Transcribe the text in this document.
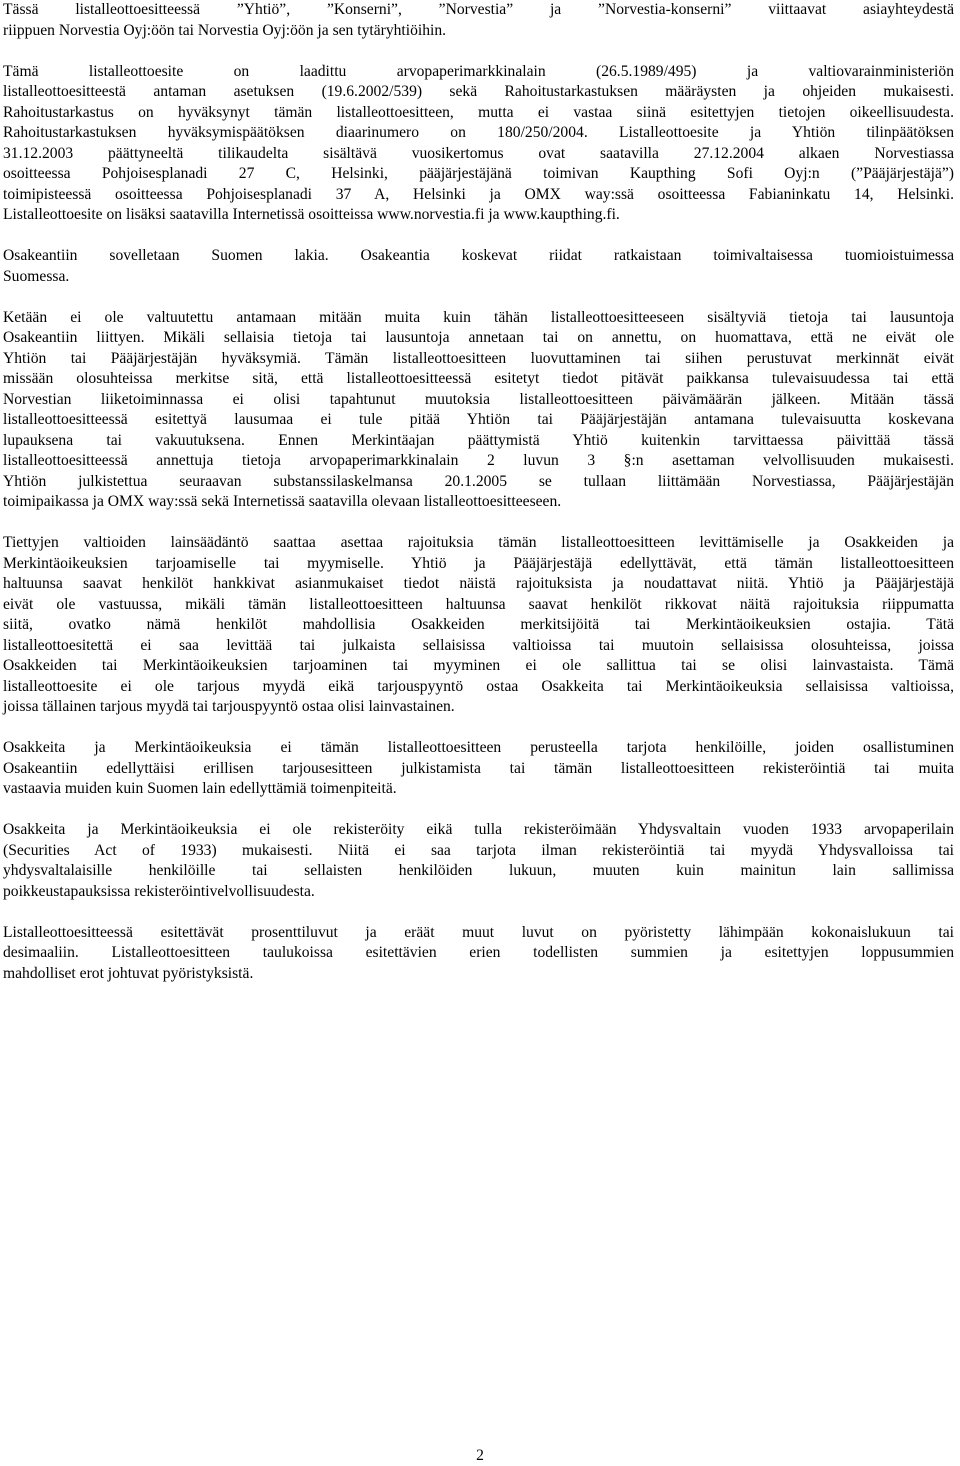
Tässä listalleottoesitteessä ”Yhtiö”, ”Konserni”, ”Norvestia” ja ”Norvestia-konserni” viittaavat asiayhteydestä
riippuen Norvestia Oyj:öön tai Norvestia Oyj:öön ja sen tytäryhtiöihin.
Tämä listalleottoesite on laadittu arvopaperimarkkinalain (26.5.1989/495) ja valtiovarainministeriön
listalleottoesitteestä antaman asetuksen (19.6.2002/539) sekä Rahoitustarkastuksen määräysten ja ohjeiden mukaisesti.
Rahoitustarkastus on hyväksynyt tämän listalleottoesitteen, mutta ei vastaa siinä esitettyjen tietojen oikeellisuudesta.
Rahoitustarkastuksen hyväksymispäätöksen diaarinumero on 180/250/2004. Listalleottoesite ja Yhtiön tilinpäätöksen
31.12.2003 päättyneeltä tilikaudelta sisältävä vuosikertomus ovat saatavilla 27.12.2004 alkaen Norvestiassa
osoitteessa Pohjoisesplanadi 27 C, Helsinki, pääjärjestäjänä toimivan Kaupthing Sofi Oyj:n (”Pääjärjestäjä”)
toimipisteessä osoitteessa Pohjoisesplanadi 37 A, Helsinki ja OMX way:ssä osoitteessa Fabianinkatu 14, Helsinki.
Listalleottoesite on lisäksi saatavilla Internetissä osoitteissa www.norvestia.fi ja www.kaupthing.fi.
Osakeantiin sovelletaan Suomen lakia. Osakeantia koskevat riidat ratkaistaan toimivaltaisessa tuomioistuimessa
Suomessa.
Ketään ei ole valtuutettu antamaan mitään muita kuin tähän listalleottoesitteeseen sisältyviä tietoja tai lausuntoja
Osakeantiin liittyen. Mikäli sellaisia tietoja tai lausuntoja annetaan tai on annettu, on huomattava, että ne eivät ole
Yhtiön tai Pääjärjestäjän hyväksymiä. Tämän listalleottoesitteen luovuttaminen tai siihen perustuvat merkinnät eivät
missään olosuhteissa merkitse sitä, että listalleottoesitteessä esitetyt tiedot pitävät paikkansa tulevaisuudessa tai että
Norvestian liiketoiminnassa ei olisi tapahtunut muutoksia listalleottoesitteen päivämäärän jälkeen. Mitään tässä
listalleottoesitteessä esitettyä lausumaa ei tule pitää Yhtiön tai Pääjärjestäjän antamana tulevaisuutta koskevana
lupauksena tai vakuutuksena. Ennen Merkintäajan päättymistä Yhtiö kuitenkin tarvittaessa päivittää tässä
listalleottoesitteessä annettuja tietoja arvopaperimarkkinalain 2 luvun 3 §:n asettaman velvollisuuden mukaisesti.
Yhtiön julkistettua seuraavan substanssilaskelmansa 20.1.2005 se tullaan liittämään Norvestiassa, Pääjärjestäjän
toimipaikassa ja OMX way:ssä sekä Internetissä saatavilla olevaan listalleottoesitteeseen.
Tiettyjen valtioiden lainsäädäntö saattaa asettaa rajoituksia tämän listalleottoesitteen levittämiselle ja Osakkeiden ja
Merkintäoikeuksien tarjoamiselle tai myymiselle. Yhtiö ja Pääjärjestäjä edellyttävät, että tämän listalleottoesitteen
haltuunsa saavat henkilöt hankkivat asianmukaiset tiedot näistä rajoituksista ja noudattavat niitä. Yhtiö ja Pääjärjestäjä
eivät ole vastuussa, mikäli tämän listalleottoesitteen haltuunsa saavat henkilöt rikkovat näitä rajoituksia riippumatta
siitä, ovatko nämä henkilöt mahdollisia Osakkeiden merkitsijöitä tai Merkintäoikeuksien ostajia. Tätä
listalleottoesitettä ei saa levittää tai julkaista sellaisissa valtioissa tai muutoin sellaisissa olosuhteissa, joissa
Osakkeiden tai Merkintäoikeuksien tarjoaminen tai myyminen ei ole sallittua tai se olisi lainvastaista. Tämä
listalleottoesite ei ole tarjous myydä eikä tarjouspyyntö ostaa Osakkeita tai Merkintäoikeuksia sellaisissa valtioissa,
joissa tällainen tarjous myydä tai tarjouspyyntö ostaa olisi lainvastainen.
Osakkeita ja Merkintäoikeuksia ei tämän listalleottoesitteen perusteella tarjota henkilöille, joiden osallistuminen
Osakeantiin edellyttäisi erillisen tarjousesitteen julkistamista tai tämän listalleottoesitteen rekisteröintiä tai muita
vastaavia muiden kuin Suomen lain edellyttämiä toimenpiteitä.
Osakkeita ja Merkintäoikeuksia ei ole rekisteröity eikä tulla rekisteröimään Yhdysvaltain vuoden 1933 arvopaperilain
(Securities Act of 1933) mukaisesti. Niitä ei saa tarjota ilman rekisteröintiä tai myydä Yhdysvalloissa tai
yhdysvaltalaisille henkilöille tai sellaisten henkilöiden lukuun, muuten kuin mainitun lain sallimissa
poikkeustapauksissa rekisteröintivelvollisuudesta.
Listalleottoesitteessä esitettävät prosenttiluvut ja eräät muut luvut on pyöristetty lähimpään kokonaislukuun tai
desimaaliin. Listalleottoesitteen taulukoissa esitettävien erien todellisten summien ja esitettyjen loppusummien
mahdolliset erot johtuvat pyöristyksistä.
2
